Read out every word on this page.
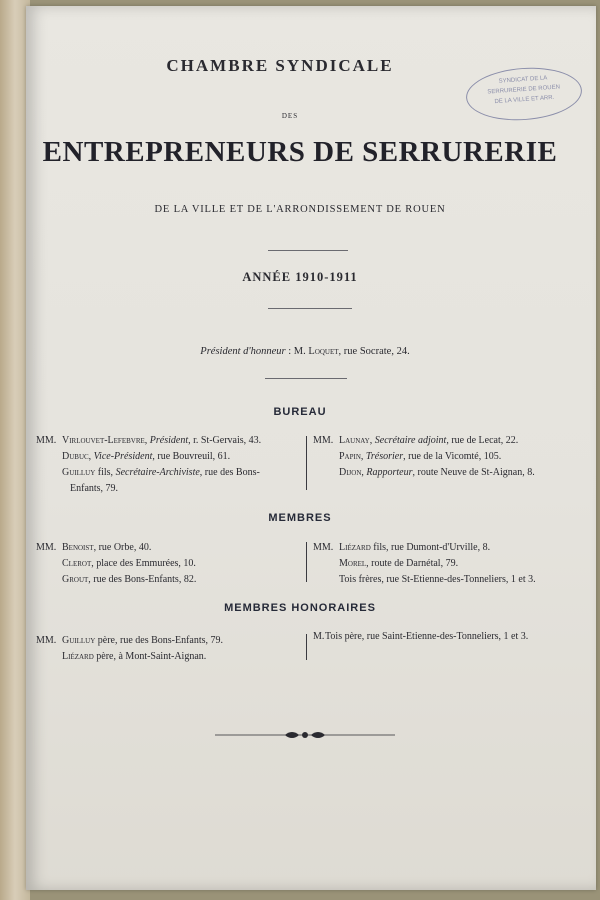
SYNDICAT DE LA
SERRURERIE DE ROUEN
DE LA VILLE ET ARR.
CHAMBRE SYNDICALE
DES
ENTREPRENEURS DE SERRURERIE
DE LA VILLE ET DE L'ARRONDISSEMENT DE ROUEN
ANNÉE 1910-1911
Président d'honneur : M. Loquet, rue Socrate, 24.
BUREAU
MM. Virlouvet-Lefebvre, Président, r. St-Gervais, 43.
Dubuc, Vice-Président, rue Bouvreuil, 61.
Guilluy fils, Secrétaire-Archiviste, rue des Bons-
Enfants, 79.
MM. Launay, Secrétaire adjoint, rue de Lecat, 22.
Papin, Trésorier, rue de la Vicomté, 105.
Dijon, Rapporteur, route Neuve de St-Aignan, 8.
MEMBRES
MM. Benoist, rue Orbe, 40.
Clerot, place des Emmurées, 10.
Grout, rue des Bons-Enfants, 82.
MM. Liézard fils, rue Dumont-d'Urville, 8.
Morel, route de Darnétal, 79.
Tois frères, rue St-Etienne-des-Tonneliers, 1 et 3.
MEMBRES HONORAIRES
MM. Guilluy père, rue des Bons-Enfants, 79.
Liézard père, à Mont-Saint-Aignan.
M.Tois père, rue Saint-Etienne-des-Tonneliers, 1 et 3.
